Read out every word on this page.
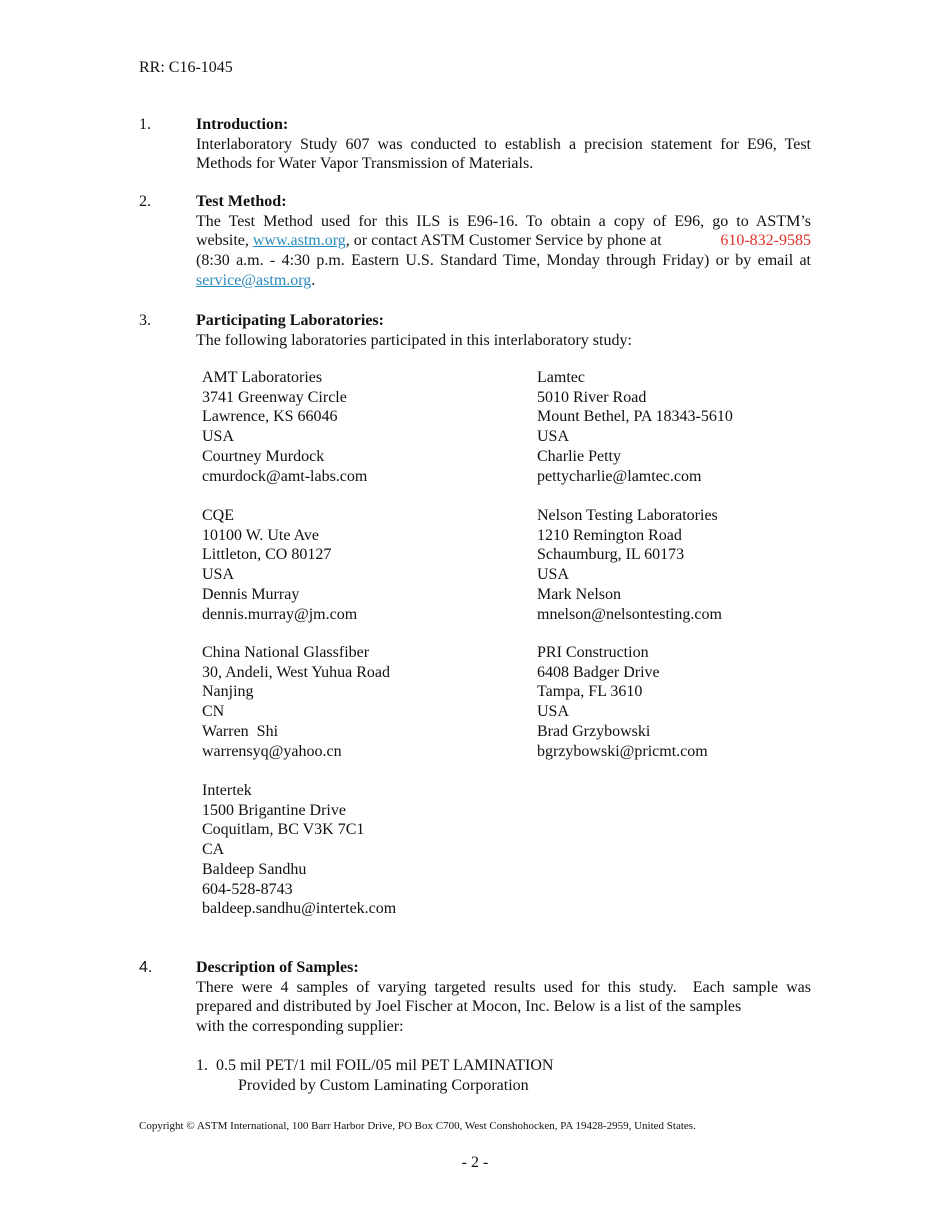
RR: C16-1045
1.	Introduction:
Interlaboratory Study 607 was conducted to establish a precision statement for E96, Test
Methods for Water Vapor Transmission of Materials.
2.	Test Method:
The Test Method used for this ILS is E96-16. To obtain a copy of E96, go to ASTM’s
website, www.astm.org, or contact ASTM Customer Service by phone at	610-832-9585
(8:30 a.m. - 4:30 p.m. Eastern U.S. Standard Time, Monday through Friday) or by email at
service@astm.org.
3.	Participating Laboratories:
The following laboratories participated in this interlaboratory study:
AMT Laboratories
3741 Greenway Circle
Lawrence, KS 66046
USA
Courtney Murdock
cmurdock@amt-labs.com
Lamtec
5010 River Road
Mount Bethel, PA 18343-5610
USA
Charlie Petty
pettycharlie@lamtec.com
CQE
10100 W. Ute Ave
Littleton, CO 80127
USA
Dennis Murray
dennis.murray@jm.com
Nelson Testing Laboratories
1210 Remington Road
Schaumburg, IL 60173
USA
Mark Nelson
mnelson@nelsontesting.com
China National Glassfiber
30, Andeli, West Yuhua Road
Nanjing
CN
Warren  Shi
warrensyq@yahoo.cn
PRI Construction
6408 Badger Drive
Tampa, FL 3610
USA
Brad Grzybowski
bgrzybowski@pricmt.com
Intertek
1500 Brigantine Drive
Coquitlam, BC V3K 7C1
CA
Baldeep Sandhu
604-528-8743
baldeep.sandhu@intertek.com
4.	Description of Samples:
There were 4 samples of varying targeted results used for this study.  Each sample was
prepared and distributed by Joel Fischer at Mocon, Inc. Below is a list of the samples
with the corresponding supplier:
1.  0.5 mil PET/1 mil FOIL/05 mil PET LAMINATION
Provided by Custom Laminating Corporation
Copyright © ASTM International, 100 Barr Harbor Drive, PO Box C700, West Conshohocken, PA 19428-2959, United States.
- 2 -
